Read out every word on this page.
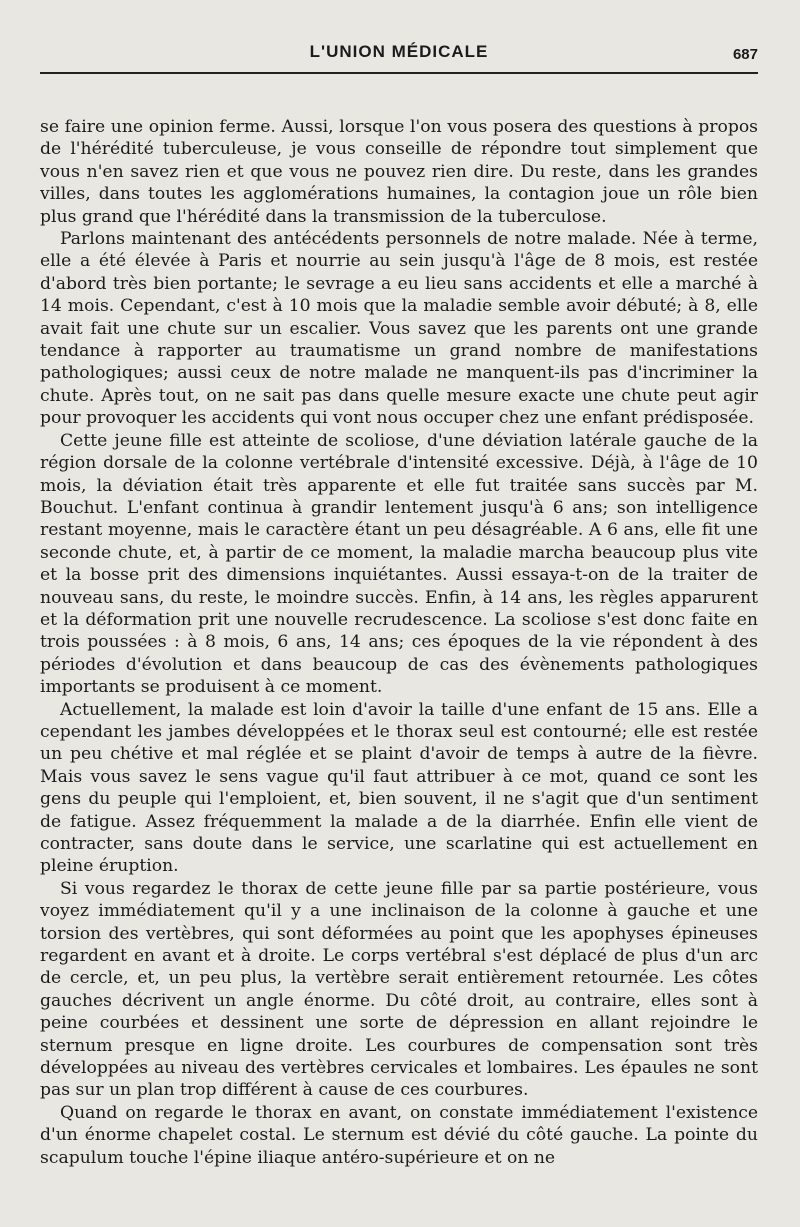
L'UNION MÉDICALE	687

se faire une opinion ferme. Aussi, lorsque l'on vous posera des questions à propos de l'hérédité tuberculeuse, je vous conseille de répondre tout simplement que vous n'en savez rien et que vous ne pouvez rien dire. Du reste, dans les grandes villes, dans toutes les agglomérations humaines, la contagion joue un rôle bien plus grand que l'hérédité dans la transmission de la tuberculose.

Parlons maintenant des antécédents personnels de notre malade. Née à terme, elle a été élevée à Paris et nourrie au sein jusqu'à l'âge de 8 mois, est restée d'abord très bien portante; le sevrage a eu lieu sans accidents et elle a marché à 14 mois. Cependant, c'est à 10 mois que la maladie semble avoir débuté; à 8, elle avait fait une chute sur un escalier. Vous savez que les parents ont une grande tendance à rapporter au traumatisme un grand nombre de manifestations pathologiques; aussi ceux de notre malade ne manquent-ils pas d'incriminer la chute. Après tout, on ne sait pas dans quelle mesure exacte une chute peut agir pour provoquer les accidents qui vont nous occuper chez une enfant prédisposée.

Cette jeune fille est atteinte de scoliose, d'une déviation latérale gauche de la région dorsale de la colonne vertébrale d'intensité excessive. Déjà, à l'âge de 10 mois, la déviation était très apparente et elle fut traitée sans succès par M. Bouchut. L'enfant continua à grandir lentement jusqu'à 6 ans; son intelligence restant moyenne, mais le caractère étant un peu désagréable. A 6 ans, elle fit une seconde chute, et, à partir de ce moment, la maladie marcha beaucoup plus vite et la bosse prit des dimensions inquiétantes. Aussi essaya-t-on de la traiter de nouveau sans, du reste, le moindre succès. Enfin, à 14 ans, les règles apparurent et la déformation prit une nouvelle recrudescence. La scoliose s'est donc faite en trois poussées : à 8 mois, 6 ans, 14 ans; ces époques de la vie répondent à des périodes d'évolution et dans beaucoup de cas des évènements pathologiques importants se produisent à ce moment.

Actuellement, la malade est loin d'avoir la taille d'une enfant de 15 ans. Elle a cependant les jambes développées et le thorax seul est contourné; elle est restée un peu chétive et mal réglée et se plaint d'avoir de temps à autre de la fièvre. Mais vous savez le sens vague qu'il faut attribuer à ce mot, quand ce sont les gens du peuple qui l'emploient, et, bien souvent, il ne s'agit que d'un sentiment de fatigue. Assez fréquemment la malade a de la diarrhée. Enfin elle vient de contracter, sans doute dans le service, une scarlatine qui est actuellement en pleine éruption.

Si vous regardez le thorax de cette jeune fille par sa partie postérieure, vous voyez immédiatement qu'il y a une inclinaison de la colonne à gauche et une torsion des vertèbres, qui sont déformées au point que les apophyses épineuses regardent en avant et à droite. Le corps vertébral s'est déplacé de plus d'un arc de cercle, et, un peu plus, la vertèbre serait entièrement retournée. Les côtes gauches décrivent un angle énorme. Du côté droit, au contraire, elles sont à peine courbées et dessinent une sorte de dépression en allant rejoindre le sternum presque en ligne droite. Les courbures de compensation sont très développées au niveau des vertèbres cervicales et lombaires. Les épaules ne sont pas sur un plan trop différent à cause de ces courbures.

Quand on regarde le thorax en avant, on constate immédiatement l'existence d'un énorme chapelet costal. Le sternum est dévié du côté gauche. La pointe du scapulum touche l'épine iliaque antéro-supérieure et on ne
